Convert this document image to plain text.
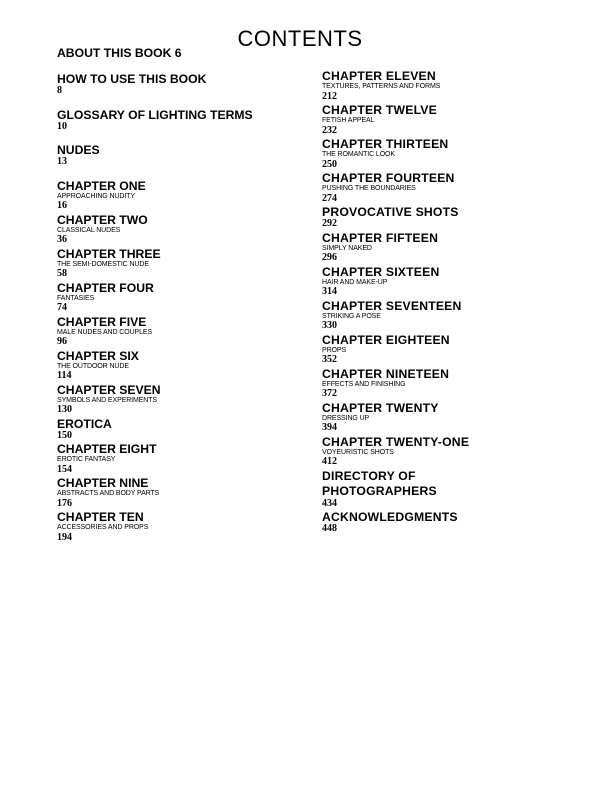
CONTENTS
ABOUT THIS BOOK 6
HOW TO USE THIS BOOK
8
GLOSSARY OF LIGHTING TERMS
10
NUDES
13
CHAPTER ONE
APPROACHING NUDITY
16
CHAPTER TWO
CLASSICAL NUDES
36
CHAPTER THREE
THE SEMI-DOMESTIC NUDE
58
CHAPTER FOUR
FANTASIES
74
CHAPTER FIVE
MALE NUDES AND COUPLES
96
CHAPTER SIX
THE OUTDOOR NUDE
114
CHAPTER SEVEN
SYMBOLS AND EXPERIMENTS
130
EROTICA
150
CHAPTER EIGHT
EROTIC FANTASY
154
CHAPTER NINE
ABSTRACTS AND BODY PARTS
176
CHAPTER TEN
ACCESSORIES AND PROPS
194
CHAPTER ELEVEN
TEXTURES, PATTERNS AND FORMS
212
CHAPTER TWELVE
FETISH APPEAL
232
CHAPTER THIRTEEN
THE ROMANTIC LOOK
250
CHAPTER FOURTEEN
PUSHING THE BOUNDARIES
274
PROVOCATIVE SHOTS
292
CHAPTER FIFTEEN
SIMPLY NAKED
296
CHAPTER SIXTEEN
HAIR AND MAKE-UP
314
CHAPTER SEVENTEEN
STRIKING A POSE
330
CHAPTER EIGHTEEN
PROPS
352
CHAPTER NINETEEN
EFFECTS AND FINISHING
372
CHAPTER TWENTY
DRESSING UP
394
CHAPTER TWENTY-ONE
VOYEURISTIC SHOTS
412
DIRECTORY OF PHOTOGRAPHERS
434
ACKNOWLEDGMENTS
448
